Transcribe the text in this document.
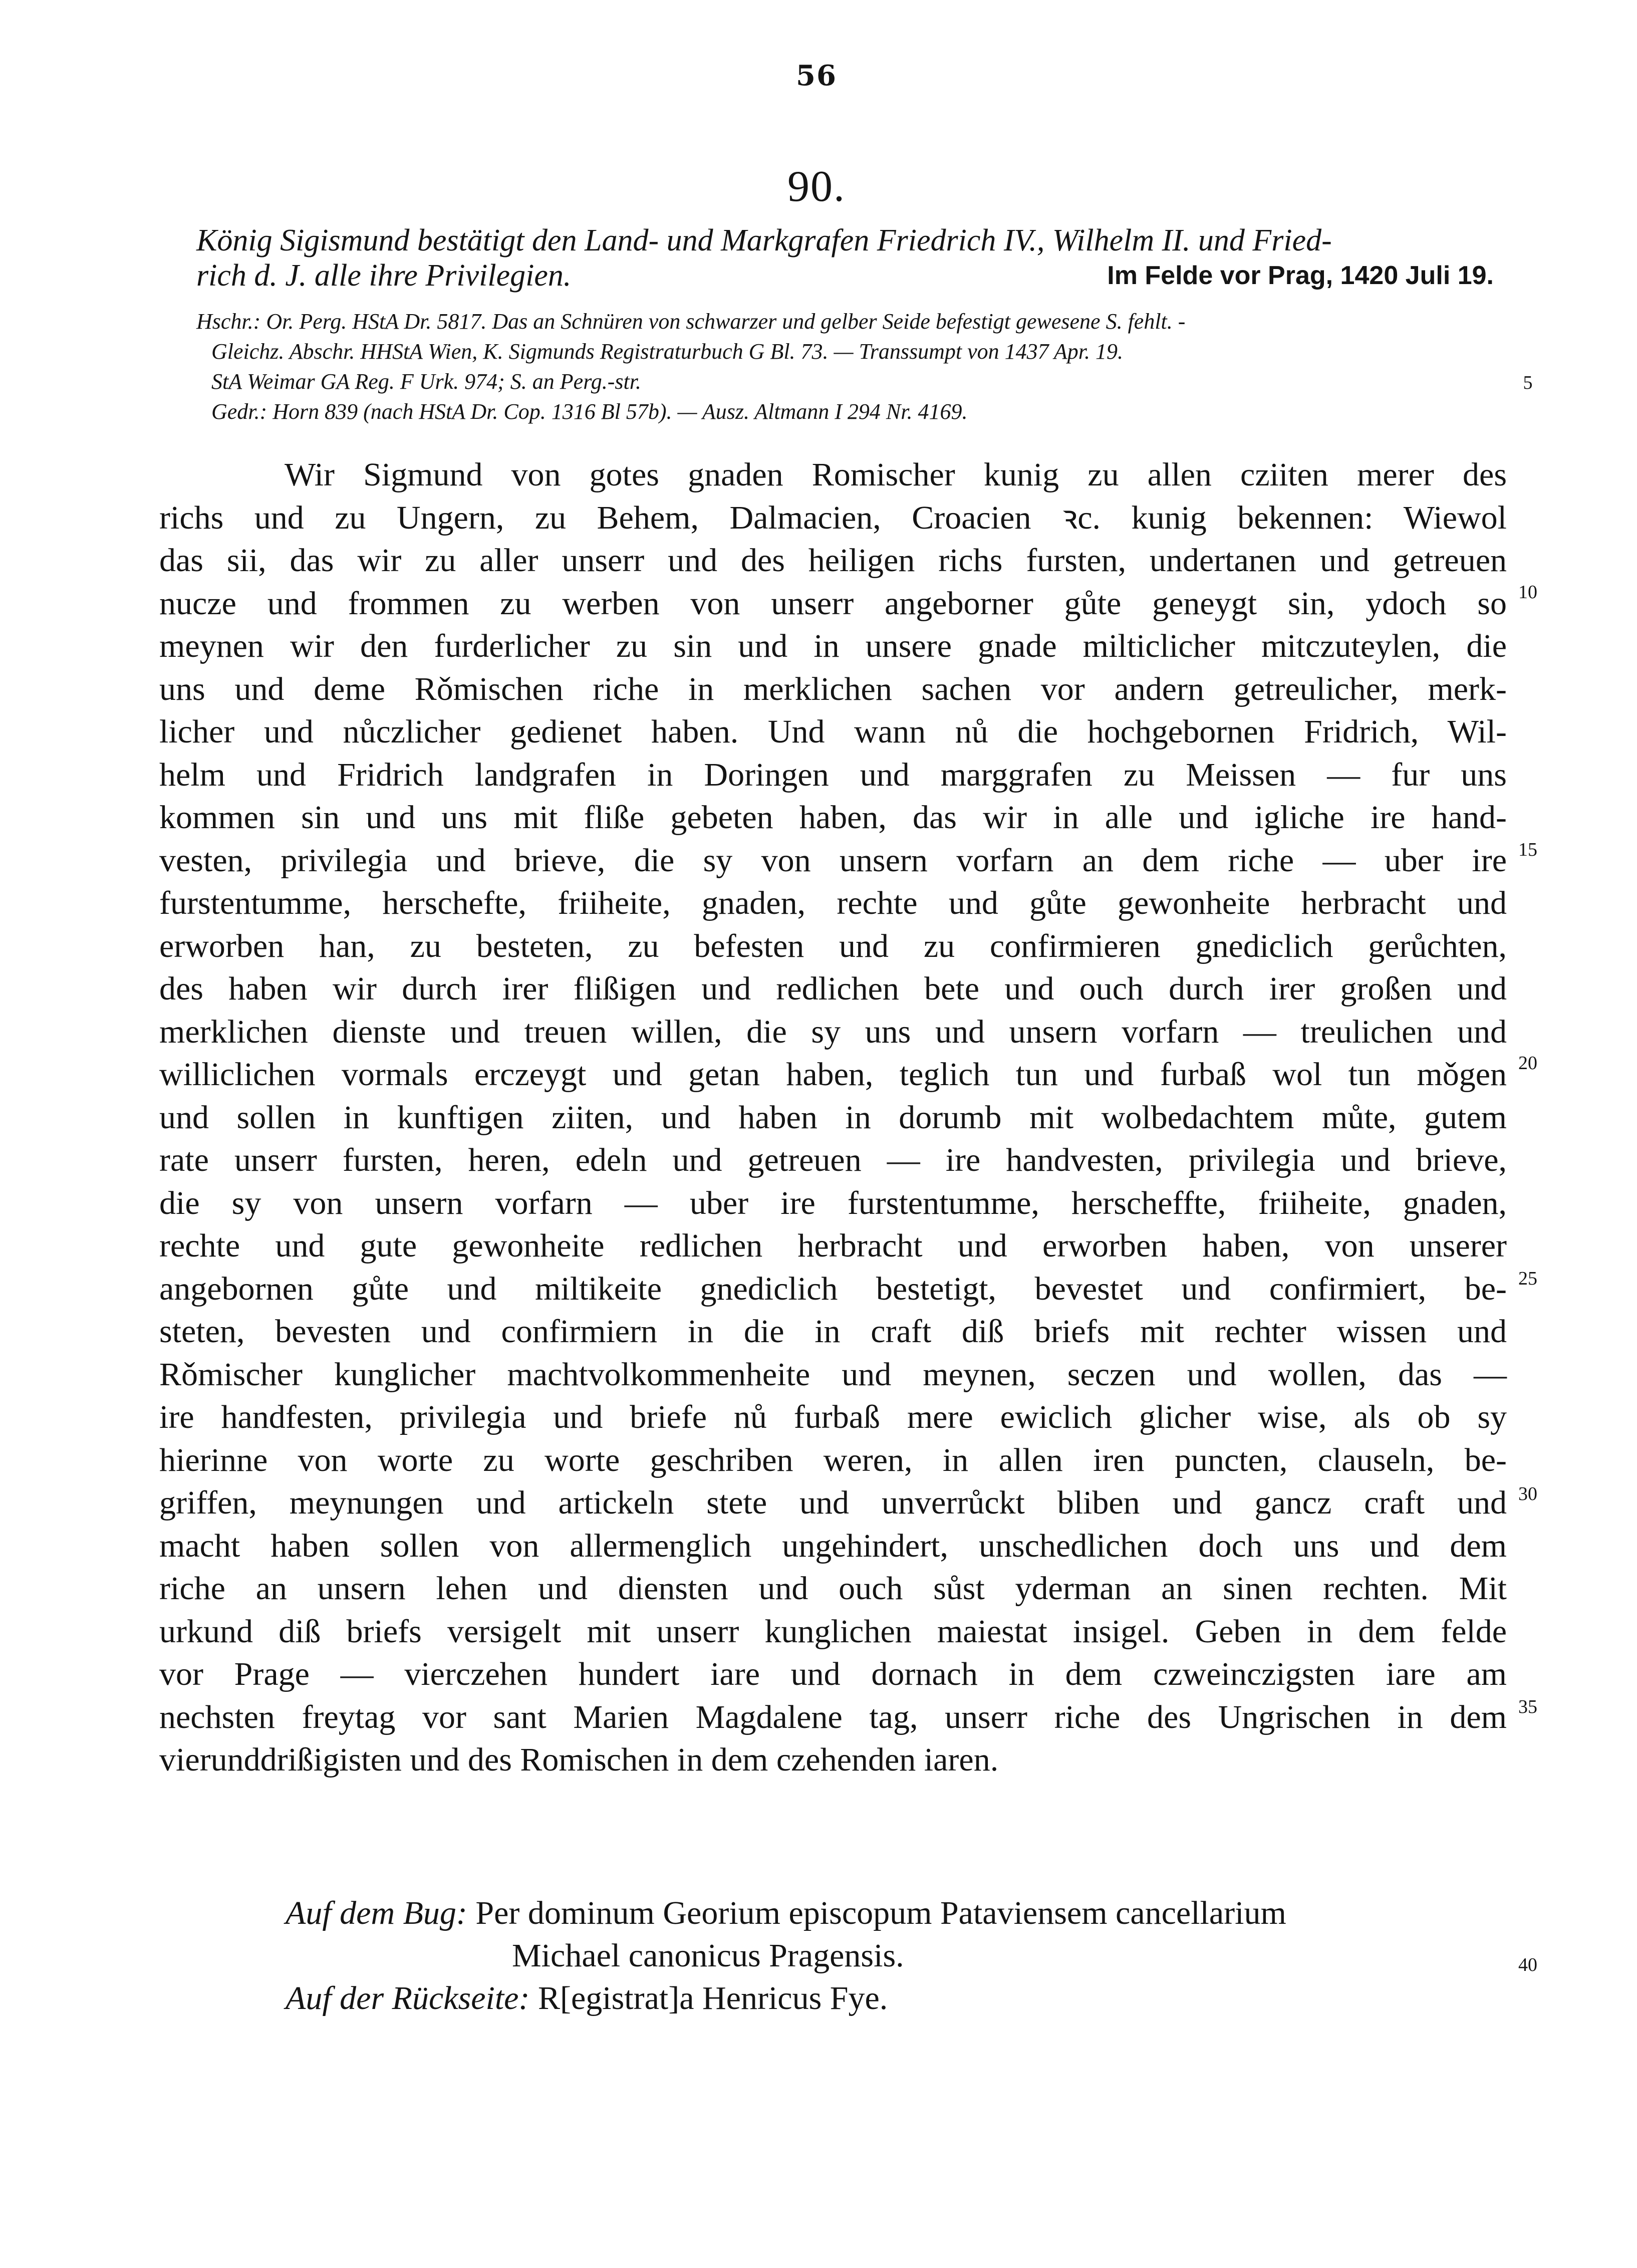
56
90.
König Sigismund bestätigt den Land- und Markgrafen Friedrich IV., Wilhelm II. und Fried-
rich d. J. alle ihre Privilegien.	Im Felde vor Prag, 1420 Juli 19.
Hschr.: Or. Perg. HStA Dr. 5817. Das an Schnüren von schwarzer und gelber Seide befestigt gewesene S. fehlt. -
Gleichz. Abschr. HHStA Wien, K. Sigmunds Registraturbuch G Bl. 73. — Transsumpt von 1437 Apr. 19.
StA Weimar GA Reg. F Urk. 974; S. an Perg.-str.
Gedr.: Horn 839 (nach HStA Dr. Cop. 1316 Bl 57b). — Ausz. Altmann I 294 Nr. 4169.
5
Wir Sigmund von gotes gnaden Romischer kunig zu allen cziiten merer des
richs und zu Ungern, zu Behem, Dalmacien, Croacien ꝛc. kunig bekennen: Wiewol
das sii, das wir zu aller unserr und des heiligen richs fursten, undertanen und getreuen
nucze und frommen zu werben von unserr angeborner gůte geneygt sin, ydoch so
meynen wir den furderlicher zu sin und in unsere gnade milticlicher mitczuteylen, die
uns und deme Rǒmischen riche in merklichen sachen vor andern getreulicher, merk-
licher und nůczlicher gedienet haben. Und wann nů die hochgebornen Fridrich, Wil-
helm und Fridrich landgrafen in Doringen und marggrafen zu Meissen — fur uns
kommen sin und uns mit fliße gebeten haben, das wir in alle und igliche ire hand-
vesten, privilegia und brieve, die sy von unsern vorfarn an dem riche — uber ire
furstentumme, herschefte, friiheite, gnaden, rechte und gůte gewonheite herbracht und
erworben han, zu besteten, zu befesten und zu confirmieren gnediclich gerůchten,
des haben wir durch irer flißigen und redlichen bete und ouch durch irer großen und
merklichen dienste und treuen willen, die sy uns und unsern vorfarn — treulichen und
williclichen vormals erczeygt und getan haben, teglich tun und furbaß wol tun mǒgen
und sollen in kunftigen ziiten, und haben in dorumb mit wolbedachtem můte, gutem
rate unserr fursten, heren, edeln und getreuen — ire handvesten, privilegia und brieve,
die sy von unsern vorfarn — uber ire furstentumme, herscheffte, friiheite, gnaden,
rechte und gute gewonheite redlichen herbracht und erworben haben, von unserer
angebornen gůte und miltikeite gnediclich bestetigt, bevestet und confirmiert, be-
steten, bevesten und confirmiern in die in craft diß briefs mit rechter wissen und
Rǒmischer kunglicher machtvolkommenheite und meynen, seczen und wollen, das —
ire handfesten, privilegia und briefe nů furbaß mere ewiclich glicher wise, als ob sy
hierinne von worte zu worte geschriben weren, in allen iren puncten, clauseln, be-
griffen, meynungen und artickeln stete und unverrůckt bliben und gancz craft und
macht haben sollen von allermenglich ungehindert, unschedlichen doch uns und dem
riche an unsern lehen und diensten und ouch sůst yderman an sinen rechten. Mit
urkund diß briefs versigelt mit unserr kunglichen maiestat insigel. Geben in dem felde
vor Prage — vierczehen hundert iare und dornach in dem czweinczigsten iare am
nechsten freytag vor sant Marien Magdalene tag, unserr riche des Ungrischen in dem
vierunddrißigisten und des Romischen in dem czehenden iaren.
10
15
20
25
30
35
40
Auf dem Bug: Per dominum Georium episcopum Pataviensem cancellarium
Michael canonicus Pragensis.
Auf der Rückseite: R[egistrat]a Henricus Fye.
